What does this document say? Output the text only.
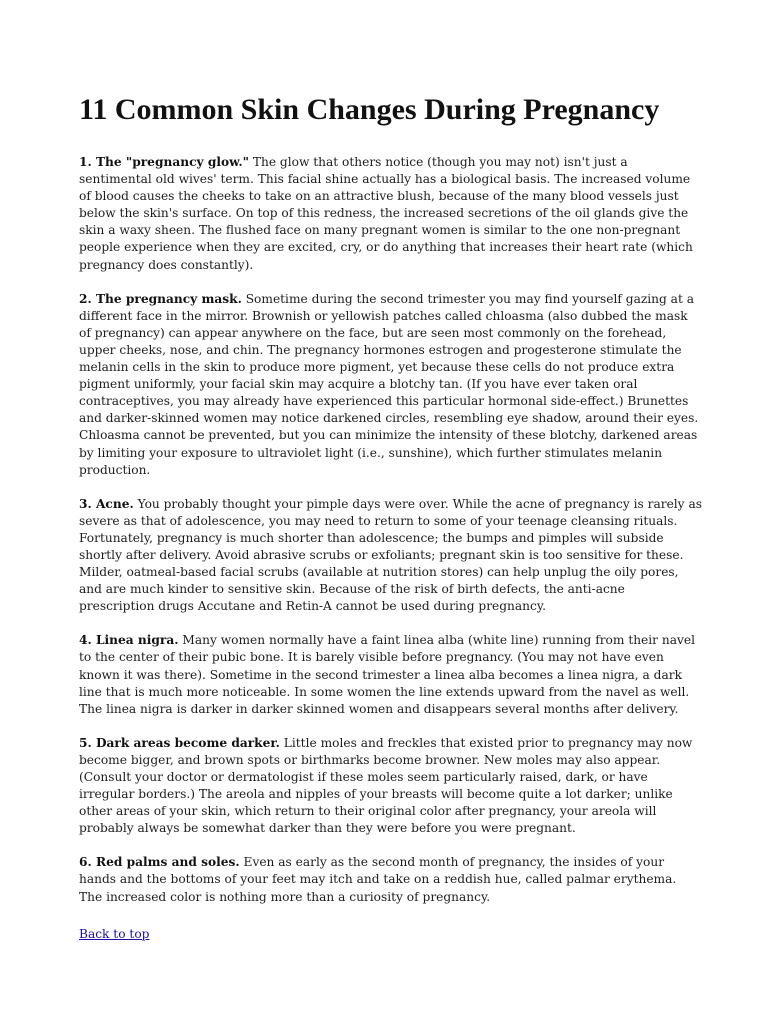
11 Common Skin Changes During Pregnancy

1. The "pregnancy glow." The glow that others notice (though you may not) isn't just a sentimental old wives' term. This facial shine actually has a biological basis. The increased volume of blood causes the cheeks to take on an attractive blush, because of the many blood vessels just below the skin's surface. On top of this redness, the increased secretions of the oil glands give the skin a waxy sheen. The flushed face on many pregnant women is similar to the one non-pregnant people experience when they are excited, cry, or do anything that increases their heart rate (which pregnancy does constantly).

2. The pregnancy mask. Sometime during the second trimester you may find yourself gazing at a different face in the mirror. Brownish or yellowish patches called chloasma (also dubbed the mask of pregnancy) can appear anywhere on the face, but are seen most commonly on the forehead, upper cheeks, nose, and chin. The pregnancy hormones estrogen and progesterone stimulate the melanin cells in the skin to produce more pigment, yet because these cells do not produce extra pigment uniformly, your facial skin may acquire a blotchy tan. (If you have ever taken oral contraceptives, you may already have experienced this particular hormonal side-effect.) Brunettes and darker-skinned women may notice darkened circles, resembling eye shadow, around their eyes. Chloasma cannot be prevented, but you can minimize the intensity of these blotchy, darkened areas by limiting your exposure to ultraviolet light (i.e., sunshine), which further stimulates melanin production.

3. Acne. You probably thought your pimple days were over. While the acne of pregnancy is rarely as severe as that of adolescence, you may need to return to some of your teenage cleansing rituals. Fortunately, pregnancy is much shorter than adolescence; the bumps and pimples will subside shortly after delivery. Avoid abrasive scrubs or exfoliants; pregnant skin is too sensitive for these. Milder, oatmeal-based facial scrubs (available at nutrition stores) can help unplug the oily pores, and are much kinder to sensitive skin. Because of the risk of birth defects, the anti-acne prescription drugs Accutane and Retin-A cannot be used during pregnancy.

4. Linea nigra. Many women normally have a faint linea alba (white line) running from their navel to the center of their pubic bone. It is barely visible before pregnancy. (You may not have even known it was there). Sometime in the second trimester a linea alba becomes a linea nigra, a dark line that is much more noticeable. In some women the line extends upward from the navel as well. The linea nigra is darker in darker skinned women and disappears several months after delivery.

5. Dark areas become darker. Little moles and freckles that existed prior to pregnancy may now become bigger, and brown spots or birthmarks become browner. New moles may also appear. (Consult your doctor or dermatologist if these moles seem particularly raised, dark, or have irregular borders.) The areola and nipples of your breasts will become quite a lot darker; unlike other areas of your skin, which return to their original color after pregnancy, your areola will probably always be somewhat darker than they were before you were pregnant.

6. Red palms and soles. Even as early as the second month of pregnancy, the insides of your hands and the bottoms of your feet may itch and take on a reddish hue, called palmar erythema. The increased color is nothing more than a curiosity of pregnancy.

Back to top
